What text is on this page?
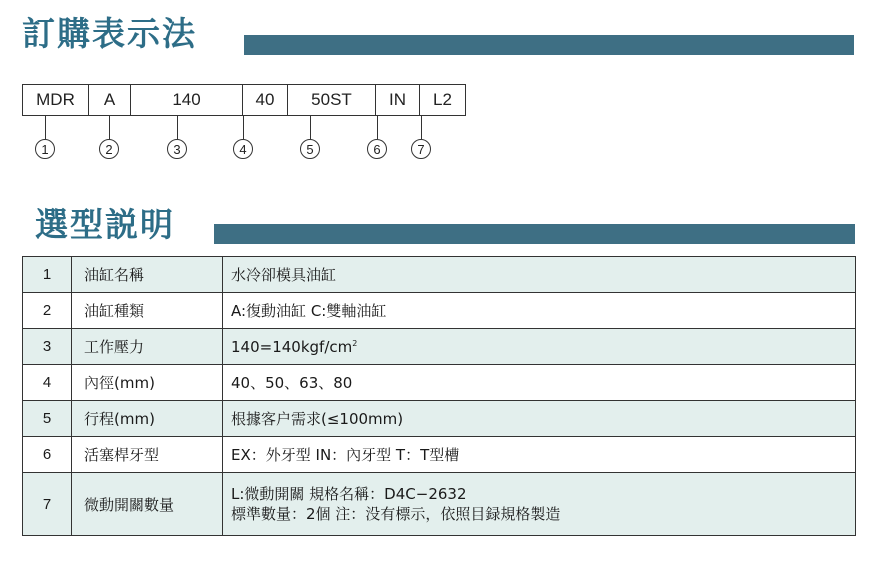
訂購表示法
MDR	A	140	40	50ST	IN	L2
1	2	3	4	5	6	7
選型説明
1	油缸名稱	水冷卻模具油缸
2	油缸種類	A:復動油缸 C:雙軸油缸
3	工作壓力	$140=140kgf/cm^2$
4	內徑(mm)	40、50、63、80
5	行程(mm)	根據客户需求(≤100mm)
6	活塞桿牙型	EX：外牙型 IN：內牙型 T：T型槽
7	微動開關數量	L:微動開關 規格名稱：D4C−2632
標準數量：2個 注：没有標示，依照目録規格製造
